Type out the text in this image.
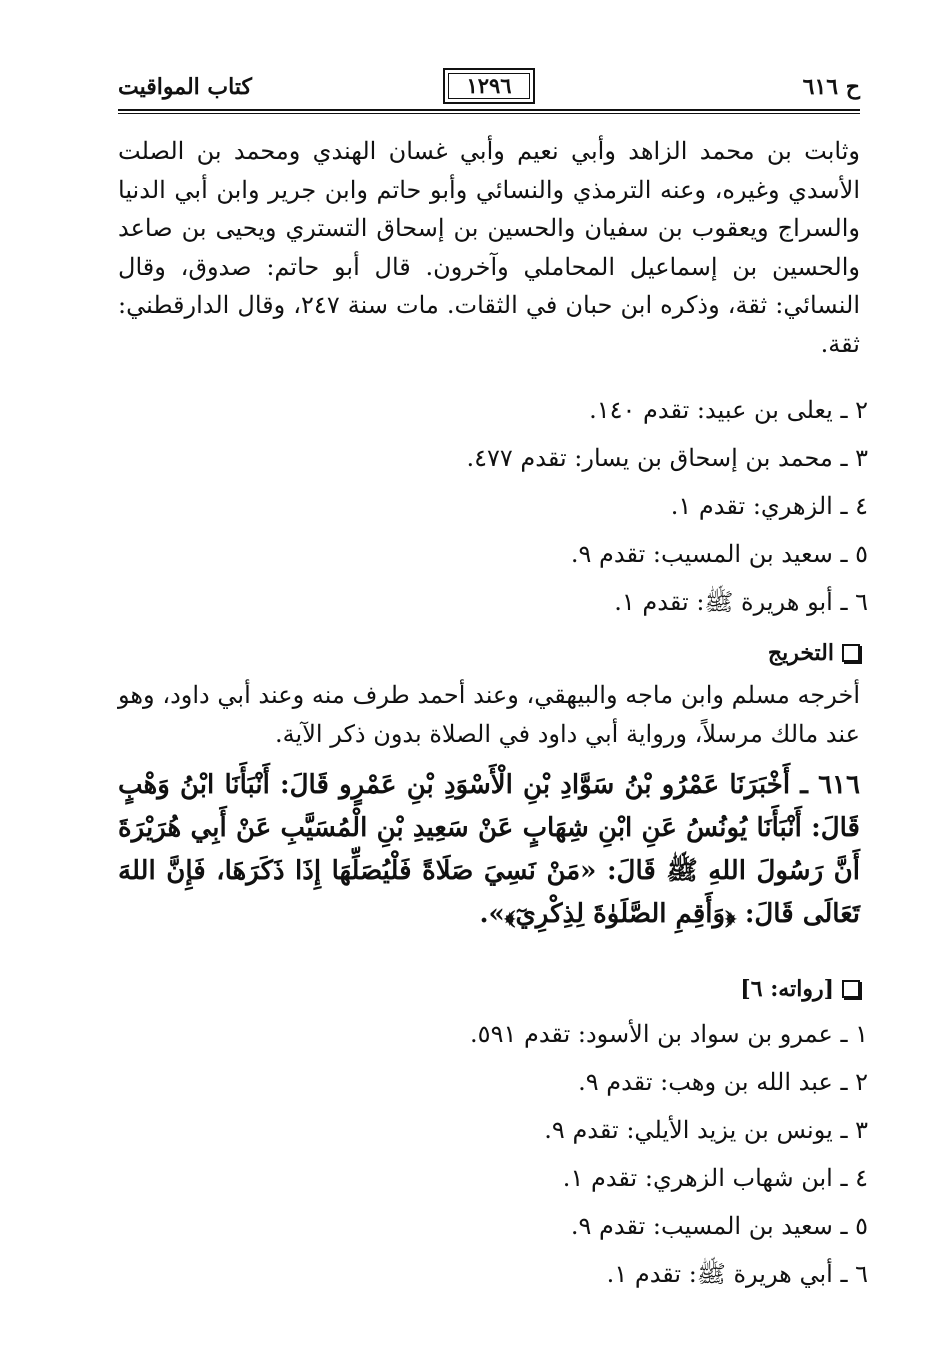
ح ٦١٦
١٢٩٦
كتاب المواقيت
وثابت بن محمد الزاهد وأبي نعيم وأبي غسان الهندي ومحمد بن الصلت الأسدي وغيره، وعنه الترمذي والنسائي وأبو حاتم وابن جرير وابن أبي الدنيا والسراج ويعقوب بن سفيان والحسين بن إسحاق التستري ويحيى بن صاعد والحسين بن إسماعيل المحاملي وآخرون. قال أبو حاتم: صدوق، وقال النسائي: ثقة، وذكره ابن حبان في الثقات. مات سنة ٢٤٧، وقال الدارقطني: ثقة.
٢ ـ يعلى بن عبيد: تقدم ١٤٠.
٣ ـ محمد بن إسحاق بن يسار: تقدم ٤٧٧.
٤ ـ الزهري: تقدم ١.
٥ ـ سعيد بن المسيب: تقدم ٩.
٦ ـ أبو هريرة ﷺ: تقدم ١.
التخريج
أخرجه مسلم وابن ماجه والبيهقي، وعند أحمد طرف منه وعند أبي داود، وهو عند مالك مرسلاً، ورواية أبي داود في الصلاة بدون ذكر الآية.
٦١٦ ـ أَخْبَرَنَا عَمْرُو بْنُ سَوَّادِ بْنِ الْأَسْوَدِ بْنِ عَمْرٍو قَالَ: أَنْبَأَنَا ابْنُ وَهْبٍ قَالَ: أَنْبَأَنَا يُونُسُ عَنِ ابْنِ شِهَابٍ عَنْ سَعِيدِ بْنِ الْمُسَيَّبِ عَنْ أَبِي هُرَيْرَةَ أَنَّ رَسُولَ اللهِ ﷺ قَالَ: «مَنْ نَسِيَ صَلَاةً فَلْيُصَلِّهَا إِذَا ذَكَرَهَا، فَإِنَّ اللهَ تَعَالَى قَالَ: ﴿وَأَقِمِ الصَّلَوٰةَ لِذِكْرِيٓ﴾».
[رواته: ٦]
١ ـ عمرو بن سواد بن الأسود: تقدم ٥٩١.
٢ ـ عبد الله بن وهب: تقدم ٩.
٣ ـ يونس بن يزيد الأيلي: تقدم ٩.
٤ ـ ابن شهاب الزهري: تقدم ١.
٥ ـ سعيد بن المسيب: تقدم ٩.
٦ ـ أبي هريرة ﷺ: تقدم ١.
